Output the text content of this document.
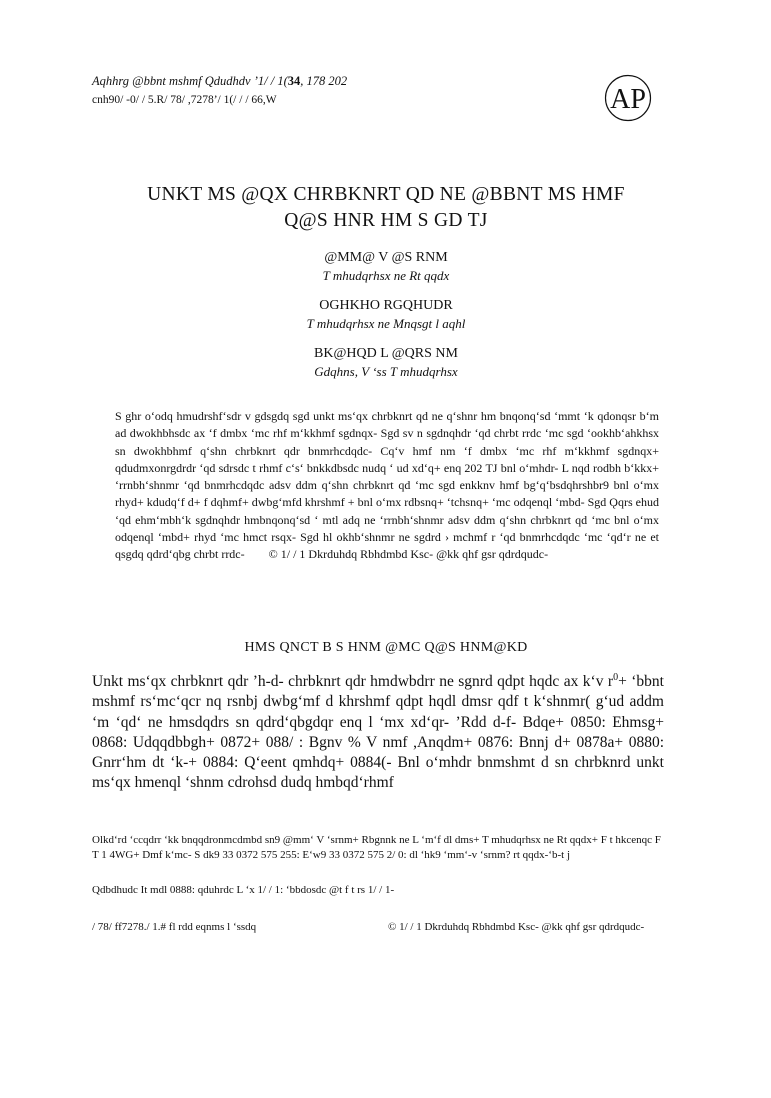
Aqhhrg @bbnt mshmf Qdudhdv ’1/ / 1(34, 178 202
cnh90/ -0/ / 5.R/ 78/ ,7278’/ 1(/ / / 66,W	AP
UNKT MS @QX CHRBKNRT QD NE @BBNT MS HMF
Q@S HNR HM S GD TJ
@MM@ V @S RNM
T mhudqrhsx ne Rt qqdx
OGHKHO RGQHUDR
T mhudqrhsx ne Mnqsgt l aqhl
BK@HQD L @QRS NM
Gdqhns, V ‘ss T mhudqrhsx

S ghr o‘odq hmudrshf‘sdr v gdsgdq sgd unkt ms‘qx chrbknrt qd ne q‘shnr hm bnqonq‘sd ‘mmt ‘k qdonqsr b‘m ad dwokhbhsdc ax ‘f dmbx ‘mc rhf m‘kkhmf sgdnqx- Sgd sv n sgdnqhdr ‘qd chrbt rrdc ‘mc sgd ‘ookhb‘ahkhsx sn dwokhbhmf q‘shn chrbknrt qdr bnmrhcdqdc- Cq‘v hmf nm ‘f dmbx ‘mc rhf m‘kkhmf sgdnqx+ qdudmxonrgdrdr ‘qd sdrsdc t rhmf c‘s‘ bnkkdbsdc nudq ‘ ud xd‘q+ enq 202 TJ bnl o‘mhdr- L nqd rodbh b‘kkx+ ‘rrnbh‘shnmr ‘qd bnmrhcdqdc adsv ddm q‘shn chrbknrt qd ‘mc sgd enkknv hmf bg‘q‘bsdqhrshbr9 bnl o‘mx rhyd+ kdudq‘f d+ f dqhmf+ dwbg‘mfd khrshmf + bnl o‘mx rdbsnq+ ‘tchsnq+ ‘mc odqenql ‘mbd- Sgd Ǫqrs ehud ‘qd ehm‘mbh‘k sgdnqhdr hmbnqonq‘sd ‘ mtl adq ne ‘rrnbh‘shnmr adsv ddm q‘shn chrbknrt qd ‘mc bnl o‘mx odqenql ‘mbd+ rhyd ‘mc hmct rsqx- Sgd hl okhb‘shnmr ne sgdrd › mchmf r ‘qd bnmrhcdqdc ‘mc ‘qd‘r ne et qsgdq qdrd‘qbg chrbt rrdc- © 1/ / 1 Dkrduhdq Rbhdmbd Ksc- @kk qhf gsr qdrdqudc-

HMS QNCT B S HNM @MC Q@S HNM@KD

Unkt ms‘qx chrbknrt qdr ’h-d- chrbknrt qdr hmdwbdrr ne sgnrd qdpt hqdc ax k‘v $r^0+$ ‘bbnt mshmf rs‘mc‘qcr nq rsnbj dwbg‘mf d khrshmf qdpt hqdl dmsr qdf t k‘shnmr( g‘ud addm ‘m ‘qd‘ ne hmsdqdrs sn qdrd‘qbgdqr enq l ‘mx xd‘qr- ’Rdd d-f- Bdqe+ 0850: Ehmsg+ 0868: Udqqdbbgh+ 0872+ 088/ : Bgnv % V nmf ,Anqdm+ 0876: Bnnj d+ 0878a+ 0880: Gnrr‘hm dt ‘k-+ 0884: Q‘eent qmhdq+ 0884(- Bnl o‘mhdr bnmshmt d sn chrbknrd unkt ms‘qx hmenql ‘shnm cdrohsd dudq hmbqd‘rhmf

Olkd‘rd ‘ccqdrr ‘kk bnqqdronmcdmbd sn9 @mm‘ V ‘srnm+ Rbgnnk ne L ‘m‘f dl dms+ T mhudqrhsx ne Rt qqdx+ F t hkcenqc F T 1 4WG+ Dmf k‘mc- S dk9 33 0372 575 255: E‘w9 33 0372 575 2/ 0: dl ‘hk9 ‘mm‘-v ‘srnm? rt qqdx-‘b-t j
Qdbdhudc It mdl 0888: qduhrdc L ‘x 1/ / 1: ‘bbdosdc @t f t rs 1/ / 1-
/ 78/ ff7278./ 1.# fl rdd eqnms l ‘ssdq	© 1/ / 1 Dkrduhdq Rbhdmbd Ksc- @kk qhf gsr qdrdqudc-
